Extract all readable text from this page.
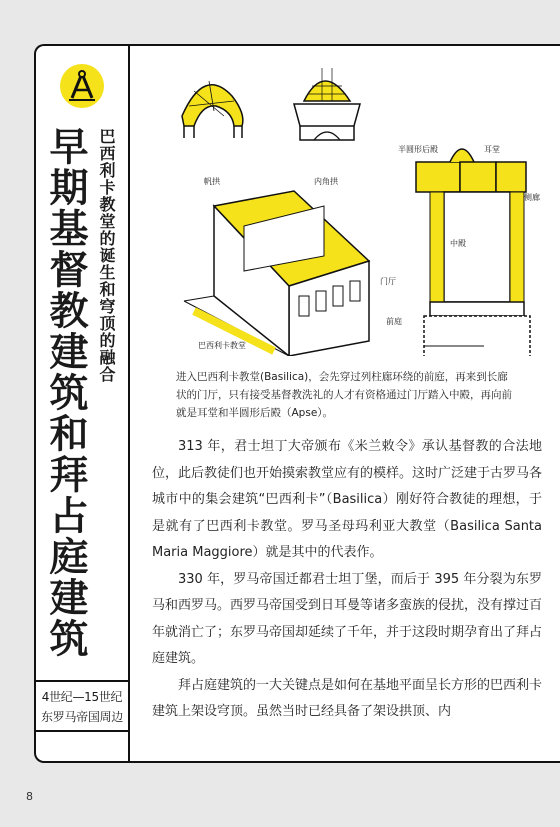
早期基督教建筑和拜占庭建筑 巴西利卡教堂的诞生和穹顶的融合
4世纪—15世纪
东罗马帝国周边
帆拱	内角拱
巴西利卡教堂
半圆形后殿	耳堂
侧廊
中殿
门厅
前庭
进入巴西利卡教堂(Basilica)，会先穿过列柱廊环绕的前庭，再来到长廊状的门厅，只有接受基督教洗礼的人才有资格通过门厅踏入中殿，再向前就是耳堂和半圆形后殿（Apse）。

313 年，君士坦丁大帝颁布《米兰敕令》承认基督教的合法地位，此后教徒们也开始摸索教堂应有的模样。这时广泛建于古罗马各城市中的集会建筑“巴西利卡”（Basilica）刚好符合教徒的理想，于是就有了巴西利卡教堂。罗马圣母玛利亚大教堂（Basilica Santa Maria Maggiore）就是其中的代表作。

330 年，罗马帝国迁都君士坦丁堡，而后于 395 年分裂为东罗马和西罗马。西罗马帝国受到日耳曼等诸多蛮族的侵扰，没有撑过百年就消亡了；东罗马帝国却延续了千年，并于这段时期孕育出了拜占庭建筑。

拜占庭建筑的一大关键点是如何在基地平面呈长方形的巴西利卡建筑上架设穹顶。虽然当时已经具备了架设拱顶、内

8
